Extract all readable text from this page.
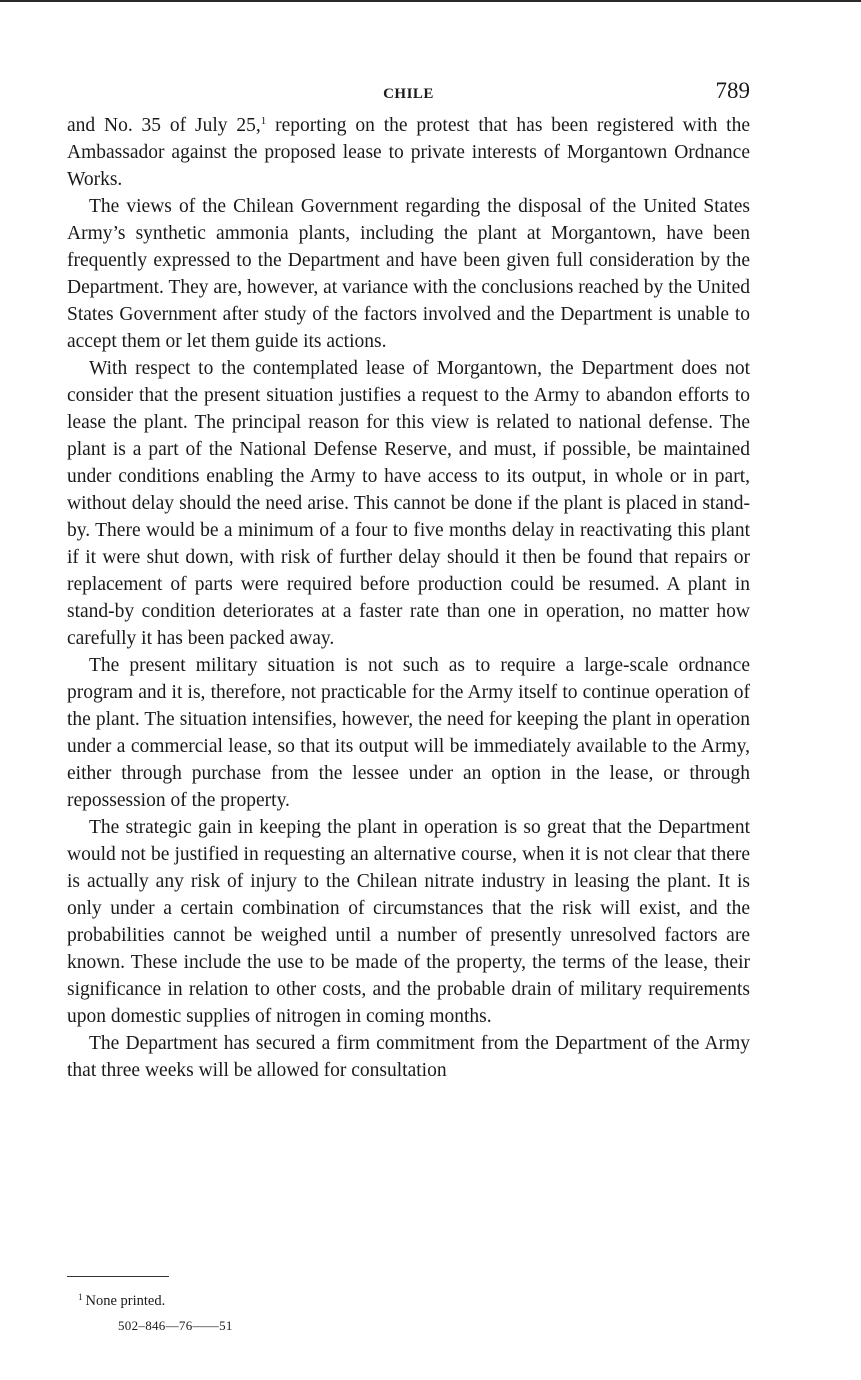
CHILE	789

and No. 35 of July 25,$^1$ reporting on the protest that has been registered with the Ambassador against the proposed lease to private interests of Morgantown Ordnance Works.

The views of the Chilean Government regarding the disposal of the United States Army’s synthetic ammonia plants, including the plant at Morgantown, have been frequently expressed to the Department and have been given full consideration by the Department. They are, however, at variance with the conclusions reached by the United States Government after study of the factors involved and the Department is unable to accept them or let them guide its actions.

With respect to the contemplated lease of Morgantown, the Department does not consider that the present situation justifies a request to the Army to abandon efforts to lease the plant. The principal reason for this view is related to national defense. The plant is a part of the National Defense Reserve, and must, if possible, be maintained under conditions enabling the Army to have access to its output, in whole or in part, without delay should the need arise. This cannot be done if the plant is placed in stand-by. There would be a minimum of a four to five months delay in reactivating this plant if it were shut down, with risk of further delay should it then be found that repairs or replacement of parts were required before production could be resumed. A plant in stand-by condition deteriorates at a faster rate than one in operation, no matter how carefully it has been packed away.

The present military situation is not such as to require a large-scale ordnance program and it is, therefore, not practicable for the Army itself to continue operation of the plant. The situation intensifies, however, the need for keeping the plant in operation under a commercial lease, so that its output will be immediately available to the Army, either through purchase from the lessee under an option in the lease, or through repossession of the property.

The strategic gain in keeping the plant in operation is so great that the Department would not be justified in requesting an alternative course, when it is not clear that there is actually any risk of injury to the Chilean nitrate industry in leasing the plant. It is only under a certain combination of circumstances that the risk will exist, and the probabilities cannot be weighed until a number of presently unresolved factors are known. These include the use to be made of the property, the terms of the lease, their significance in relation to other costs, and the probable drain of military requirements upon domestic supplies of nitrogen in coming months.

The Department has secured a firm commitment from the Department of the Army that three weeks will be allowed for consultation

$^1$ None printed.
502–846—76——51
